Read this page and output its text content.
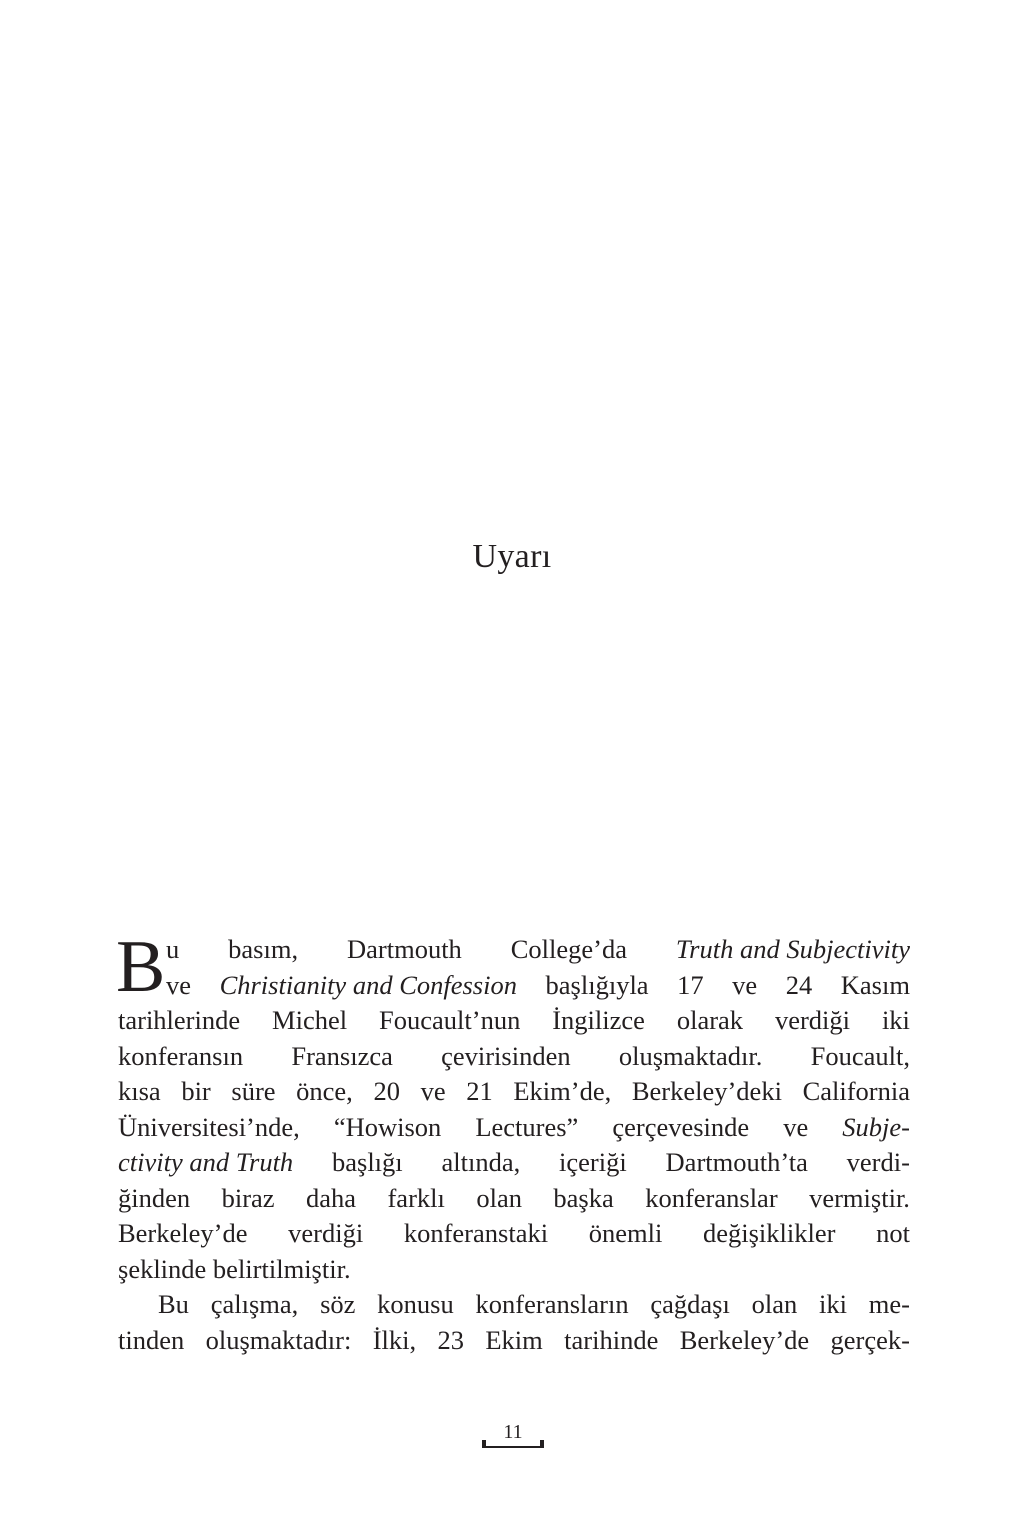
Uyarı
B u basım, Dartmouth College’da Truth and Subjectivity
ve Christianity and Confession başlığıyla 17 ve 24 Kasım
tarihlerinde Michel Foucault’nun İngilizce olarak verdiği iki
konferansın Fransızca çevirisinden oluşmaktadır. Foucault,
kısa bir süre önce, 20 ve 21 Ekim’de, Berkeley’deki California
Üniversitesi’nde, “Howison Lectures” çerçevesinde ve Subje-
ctivity and Truth başlığı altında, içeriği Dartmouth’ta verdi-
ğinden biraz daha farklı olan başka konferanslar vermiştir.
Berkeley’de verdiği konferanstaki önemli değişiklikler not
şeklinde belirtilmiştir.
Bu çalışma, söz konusu konferansların çağdaşı olan iki me-
tinden oluşmaktadır: İlki, 23 Ekim tarihinde Berkeley’de gerçek-
11
